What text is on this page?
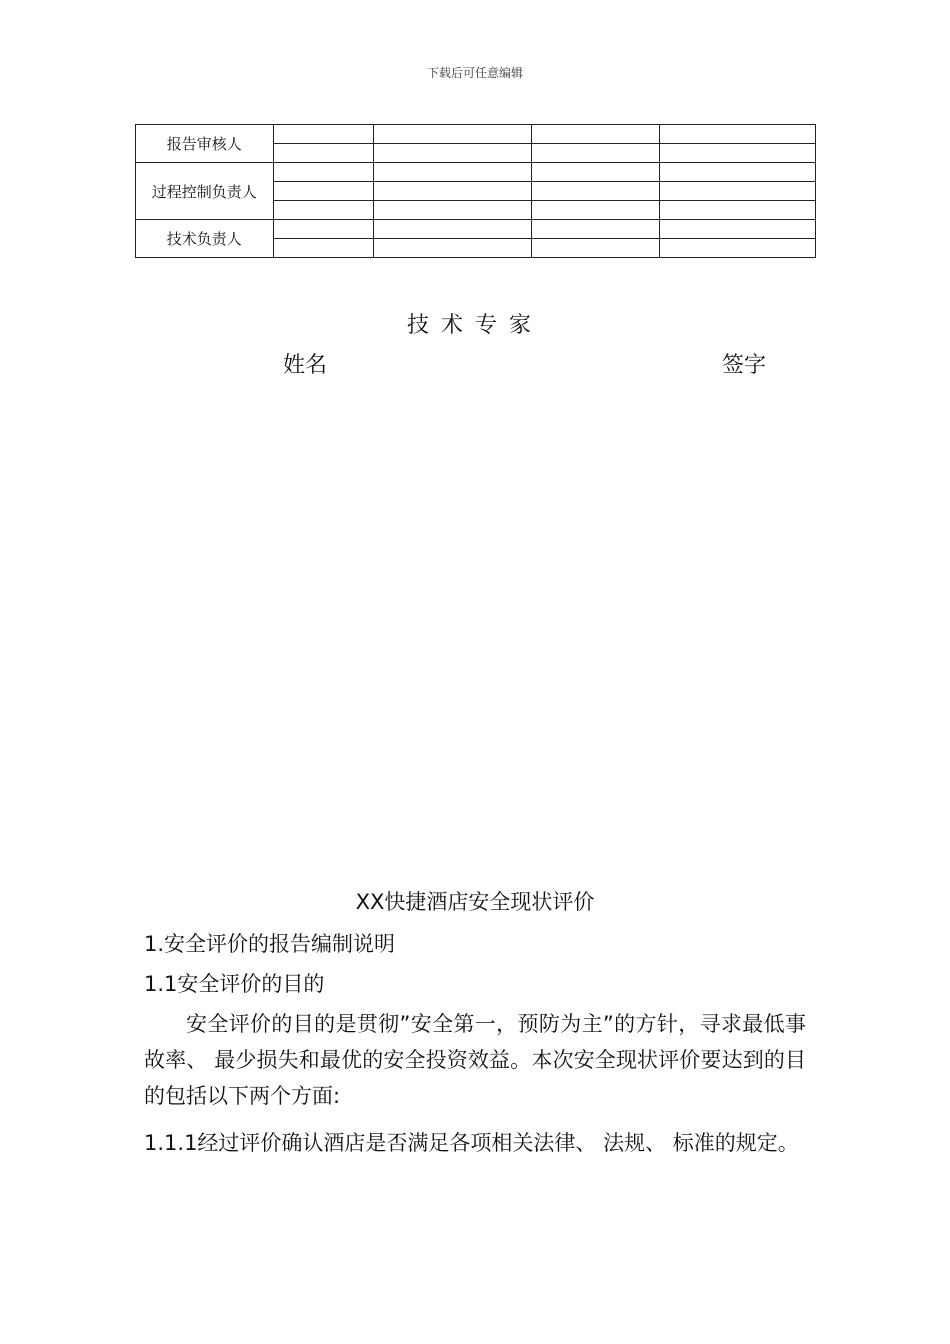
下载后可任意编辑
报告审核人				

过程控制负责人				

技术负责人				

技术专家
姓名	签字
XX快捷酒店安全现状评价
1.安全评价的报告编制说明
1.1安全评价的目的
安全评价的目的是贯彻”安全第一，预防为主”的方针，寻求最低事故率、 最少损失和最优的安全投资效益。本次安全现状评价要达到的目的包括以下两个方面:
1.1.1经过评价确认酒店是否满足各项相关法律、 法规、 标准的规定。
